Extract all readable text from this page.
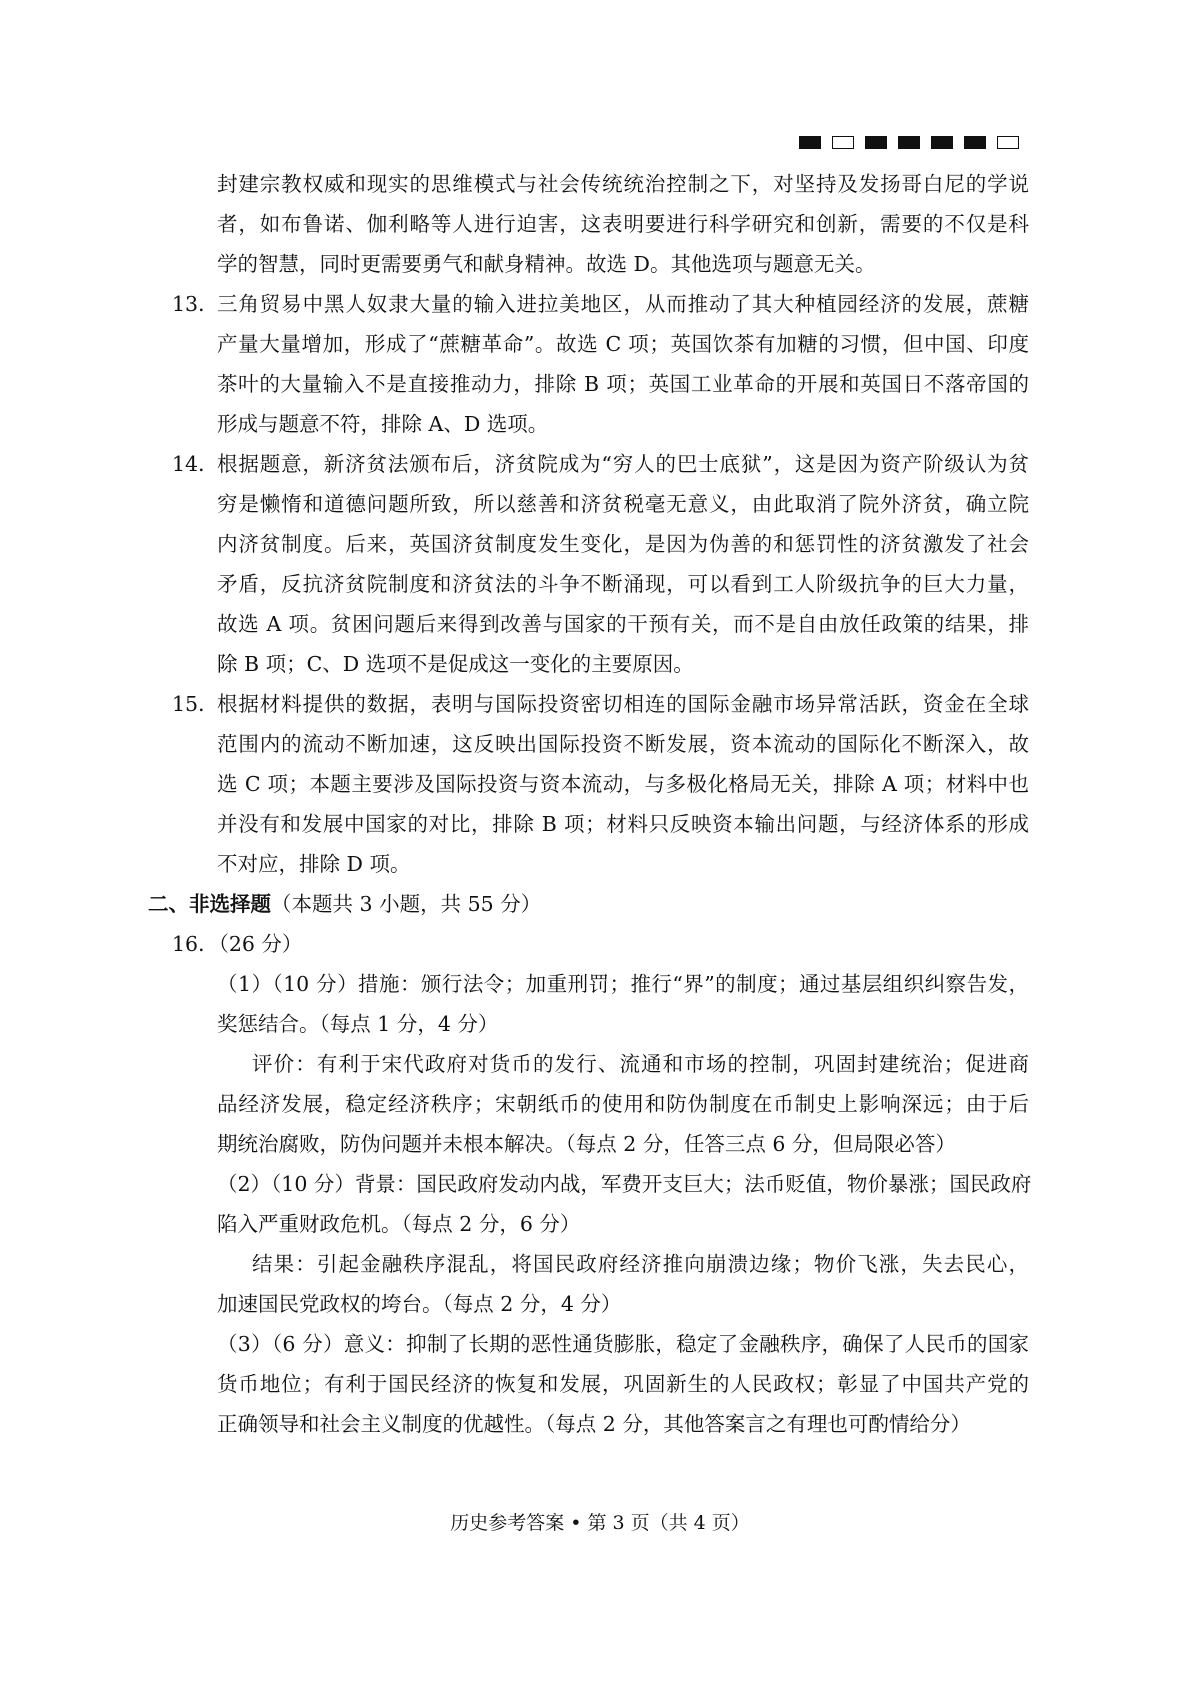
封建宗教权威和现实的思维模式与社会传统统治控制之下，对坚持及发扬哥白尼的学说
者，如布鲁诺、伽利略等人进行迫害，这表明要进行科学研究和创新，需要的不仅是科
学的智慧，同时更需要勇气和献身精神。故选 D。其他选项与题意无关。
13．
三角贸易中黑人奴隶大量的输入进拉美地区，从而推动了其大种植园经济的发展，蔗糖
产量大量增加，形成了“蔗糖革命”。故选 C 项；英国饮茶有加糖的习惯，但中国、印度
茶叶的大量输入不是直接推动力，排除 B 项；英国工业革命的开展和英国日不落帝国的
形成与题意不符，排除 A、D 选项。
14．
根据题意，新济贫法颁布后，济贫院成为“穷人的巴士底狱”，这是因为资产阶级认为贫
穷是懒惰和道德问题所致，所以慈善和济贫税毫无意义，由此取消了院外济贫，确立院
内济贫制度。后来，英国济贫制度发生变化，是因为伪善的和惩罚性的济贫激发了社会
矛盾，反抗济贫院制度和济贫法的斗争不断涌现，可以看到工人阶级抗争的巨大力量，
故选 A 项。贫困问题后来得到改善与国家的干预有关，而不是自由放任政策的结果，排
除 B 项；C、D 选项不是促成这一变化的主要原因。
15．
根据材料提供的数据，表明与国际投资密切相连的国际金融市场异常活跃，资金在全球
范围内的流动不断加速，这反映出国际投资不断发展，资本流动的国际化不断深入，故
选 C 项；本题主要涉及国际投资与资本流动，与多极化格局无关，排除 A 项；材料中也
并没有和发展中国家的对比，排除 B 项；材料只反映资本输出问题，与经济体系的形成
不对应，排除 D 项。
二、非选择题（本题共 3 小题，共 55 分）
16．（26 分）
（1）（10 分）措施：颁行法令；加重刑罚；推行“界”的制度；通过基层组织纠察告发，
奖惩结合。（每点 1 分，4 分）
评价：有利于宋代政府对货币的发行、流通和市场的控制，巩固封建统治；促进商
品经济发展，稳定经济秩序；宋朝纸币的使用和防伪制度在币制史上影响深远；由于后
期统治腐败，防伪问题并未根本解决。（每点 2 分，任答三点 6 分，但局限必答）
（2）（10 分）背景：国民政府发动内战，军费开支巨大；法币贬值，物价暴涨；国民政府
陷入严重财政危机。（每点 2 分，6 分）
结果：引起金融秩序混乱，将国民政府经济推向崩溃边缘；物价飞涨，失去民心，
加速国民党政权的垮台。（每点 2 分，4 分）
（3）（6 分）意义：抑制了长期的恶性通货膨胀，稳定了金融秩序，确保了人民币的国家
货币地位；有利于国民经济的恢复和发展，巩固新生的人民政权；彰显了中国共产党的
正确领导和社会主义制度的优越性。（每点 2 分，其他答案言之有理也可酌情给分）
历史参考答案 • 第 3 页（共 4 页）
